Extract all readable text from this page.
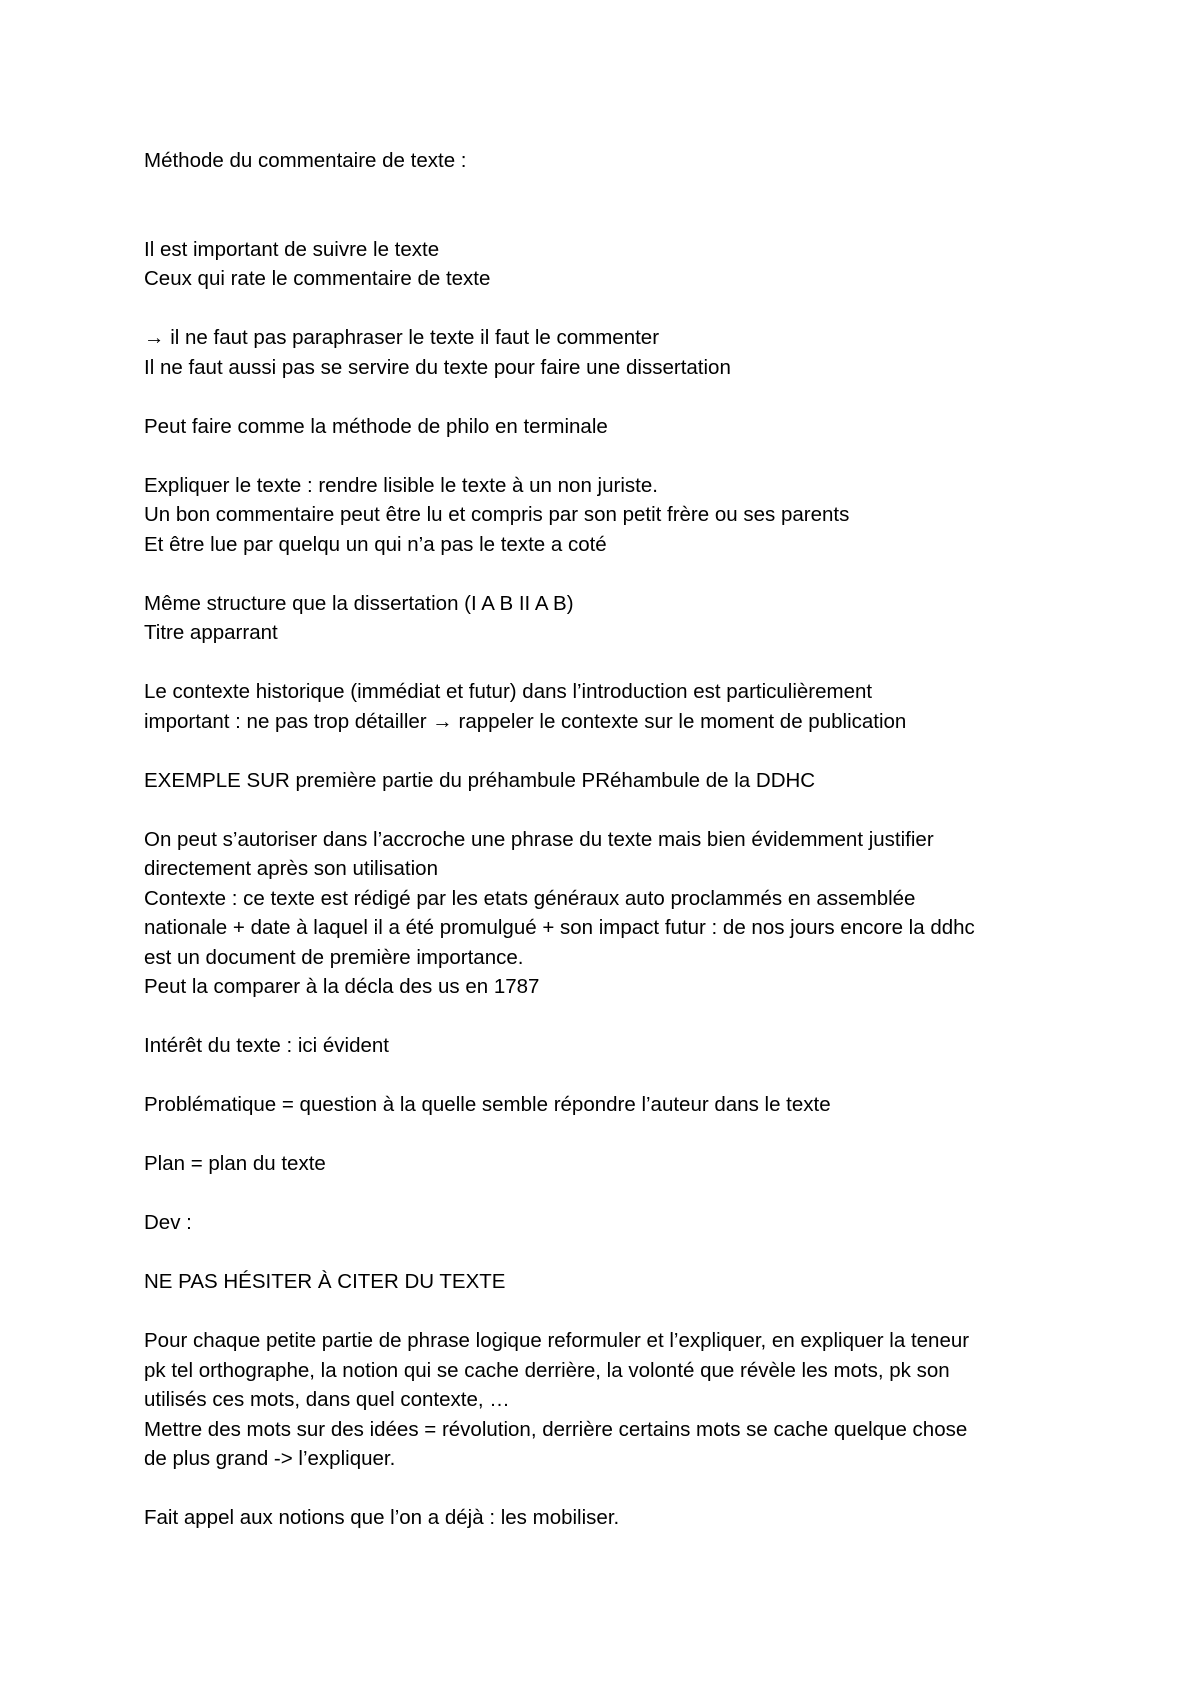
Méthode du commentaire de texte :
Il est important de suivre le texte
Ceux qui rate le commentaire de texte
→ il ne faut pas paraphraser le texte il faut le commenter
Il ne faut aussi pas se servire du texte pour faire une dissertation
Peut faire comme la méthode de philo en terminale
Expliquer le texte : rendre lisible le texte à un non juriste.
Un bon commentaire peut être lu et compris par son petit frère ou ses parents
Et être lue par quelqu un qui n’a pas le texte a coté
Même structure que la dissertation (I A B II A B)
Titre apparrant
Le contexte historique (immédiat et futur) dans l’introduction est particulièrement
important : ne pas trop détailler → rappeler le contexte sur le moment de publication
EXEMPLE SUR première partie du préhambule PRéhambule de la DDHC
On peut s’autoriser dans l’accroche une phrase du texte mais bien évidemment justifier
directement après son utilisation
Contexte : ce texte est rédigé par les etats généraux auto proclammés en assemblée
nationale + date à laquel il a été promulgué + son impact futur : de nos jours encore la ddhc
est un document de première importance.
Peut la comparer à la décla des us en 1787
Intérêt du texte : ici évident
Problématique = question à la quelle semble répondre l’auteur dans le texte
Plan = plan du texte
Dev :
NE PAS HÉSITER À CITER DU TEXTE
Pour chaque petite partie de phrase logique reformuler et l’expliquer, en expliquer la teneur
pk tel orthographe, la notion qui se cache derrière, la volonté que révèle les mots, pk son
utilisés ces mots, dans quel contexte, …
Mettre des mots sur des idées = révolution, derrière certains mots se cache quelque chose
de plus grand -> l’expliquer.
Fait appel aux notions que l’on a déjà : les mobiliser.
